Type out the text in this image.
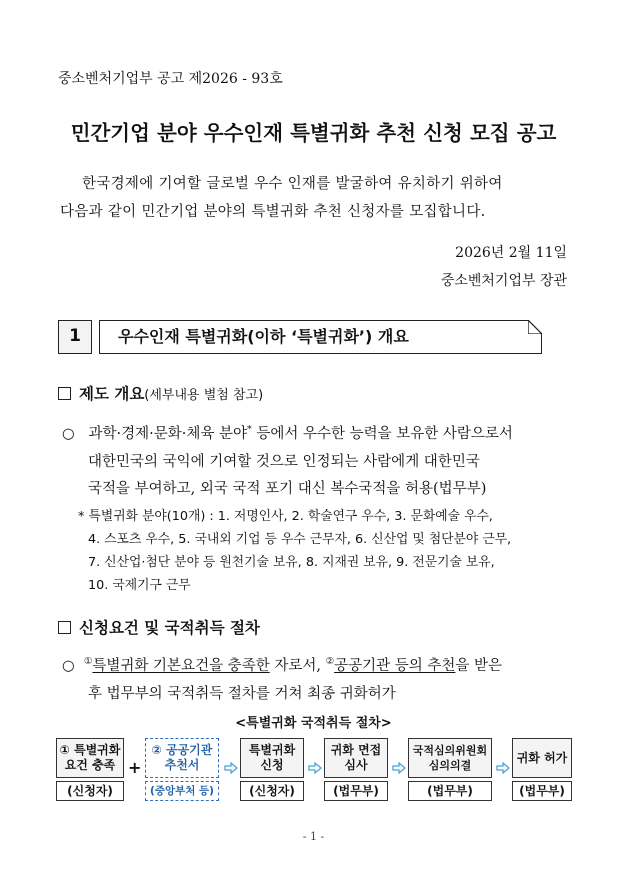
중소벤처기업부 공고 제2026 - 93호
민간기업 분야 우수인재 특별귀화 추천 신청 모집 공고
한국경제에 기여할 글로벌 우수 인재를 발굴하여 유치하기 위하여
다음과 같이 민간기업 분야의 특별귀화 추천 신청자를 모집합니다.
2026년 2월 11일
중소벤처기업부 장관
1	우수인재 특별귀화(이하 ‘특별귀화’) 개요
제도 개요(세부내용 별첨 참고)
○ 과학·경제·문화·체육 분야* 등에서 우수한 능력을 보유한 사람으로서
대한민국의 국익에 기여할 것으로 인정되는 사람에게 대한민국
국적을 부여하고, 외국 국적 포기 대신 복수국적을 허용(법무부)
* 특별귀화 분야(10개) : 1. 저명인사, 2. 학술연구 우수, 3. 문화예술 우수,
4. 스포츠 우수, 5. 국내외 기업 등 우수 근무자, 6. 신산업 및 첨단분야 근무,
7. 신산업·첨단 분야 등 원천기술 보유, 8. 지재권 보유, 9. 전문기술 보유,
10. 국제기구 근무
신청요건 및 국적취득 절차
○ ①특별귀화 기본요건을 충족한 자로서, ②공공기관 등의 추천을 받은
후 법무부의 국적취득 절차를 거쳐 최종 귀화허가
<특별귀화 국적취득 절차>
① 특별귀화
요건 충족
(신청자)
+
② 공공기관
추천서
(중앙부처 등)
특별귀화
신청
(신청자)
귀화 면접
심사
(법무부)
국적심의위원회
심의의결
(법무부)
귀화 허가
(법무부)
- 1 -
